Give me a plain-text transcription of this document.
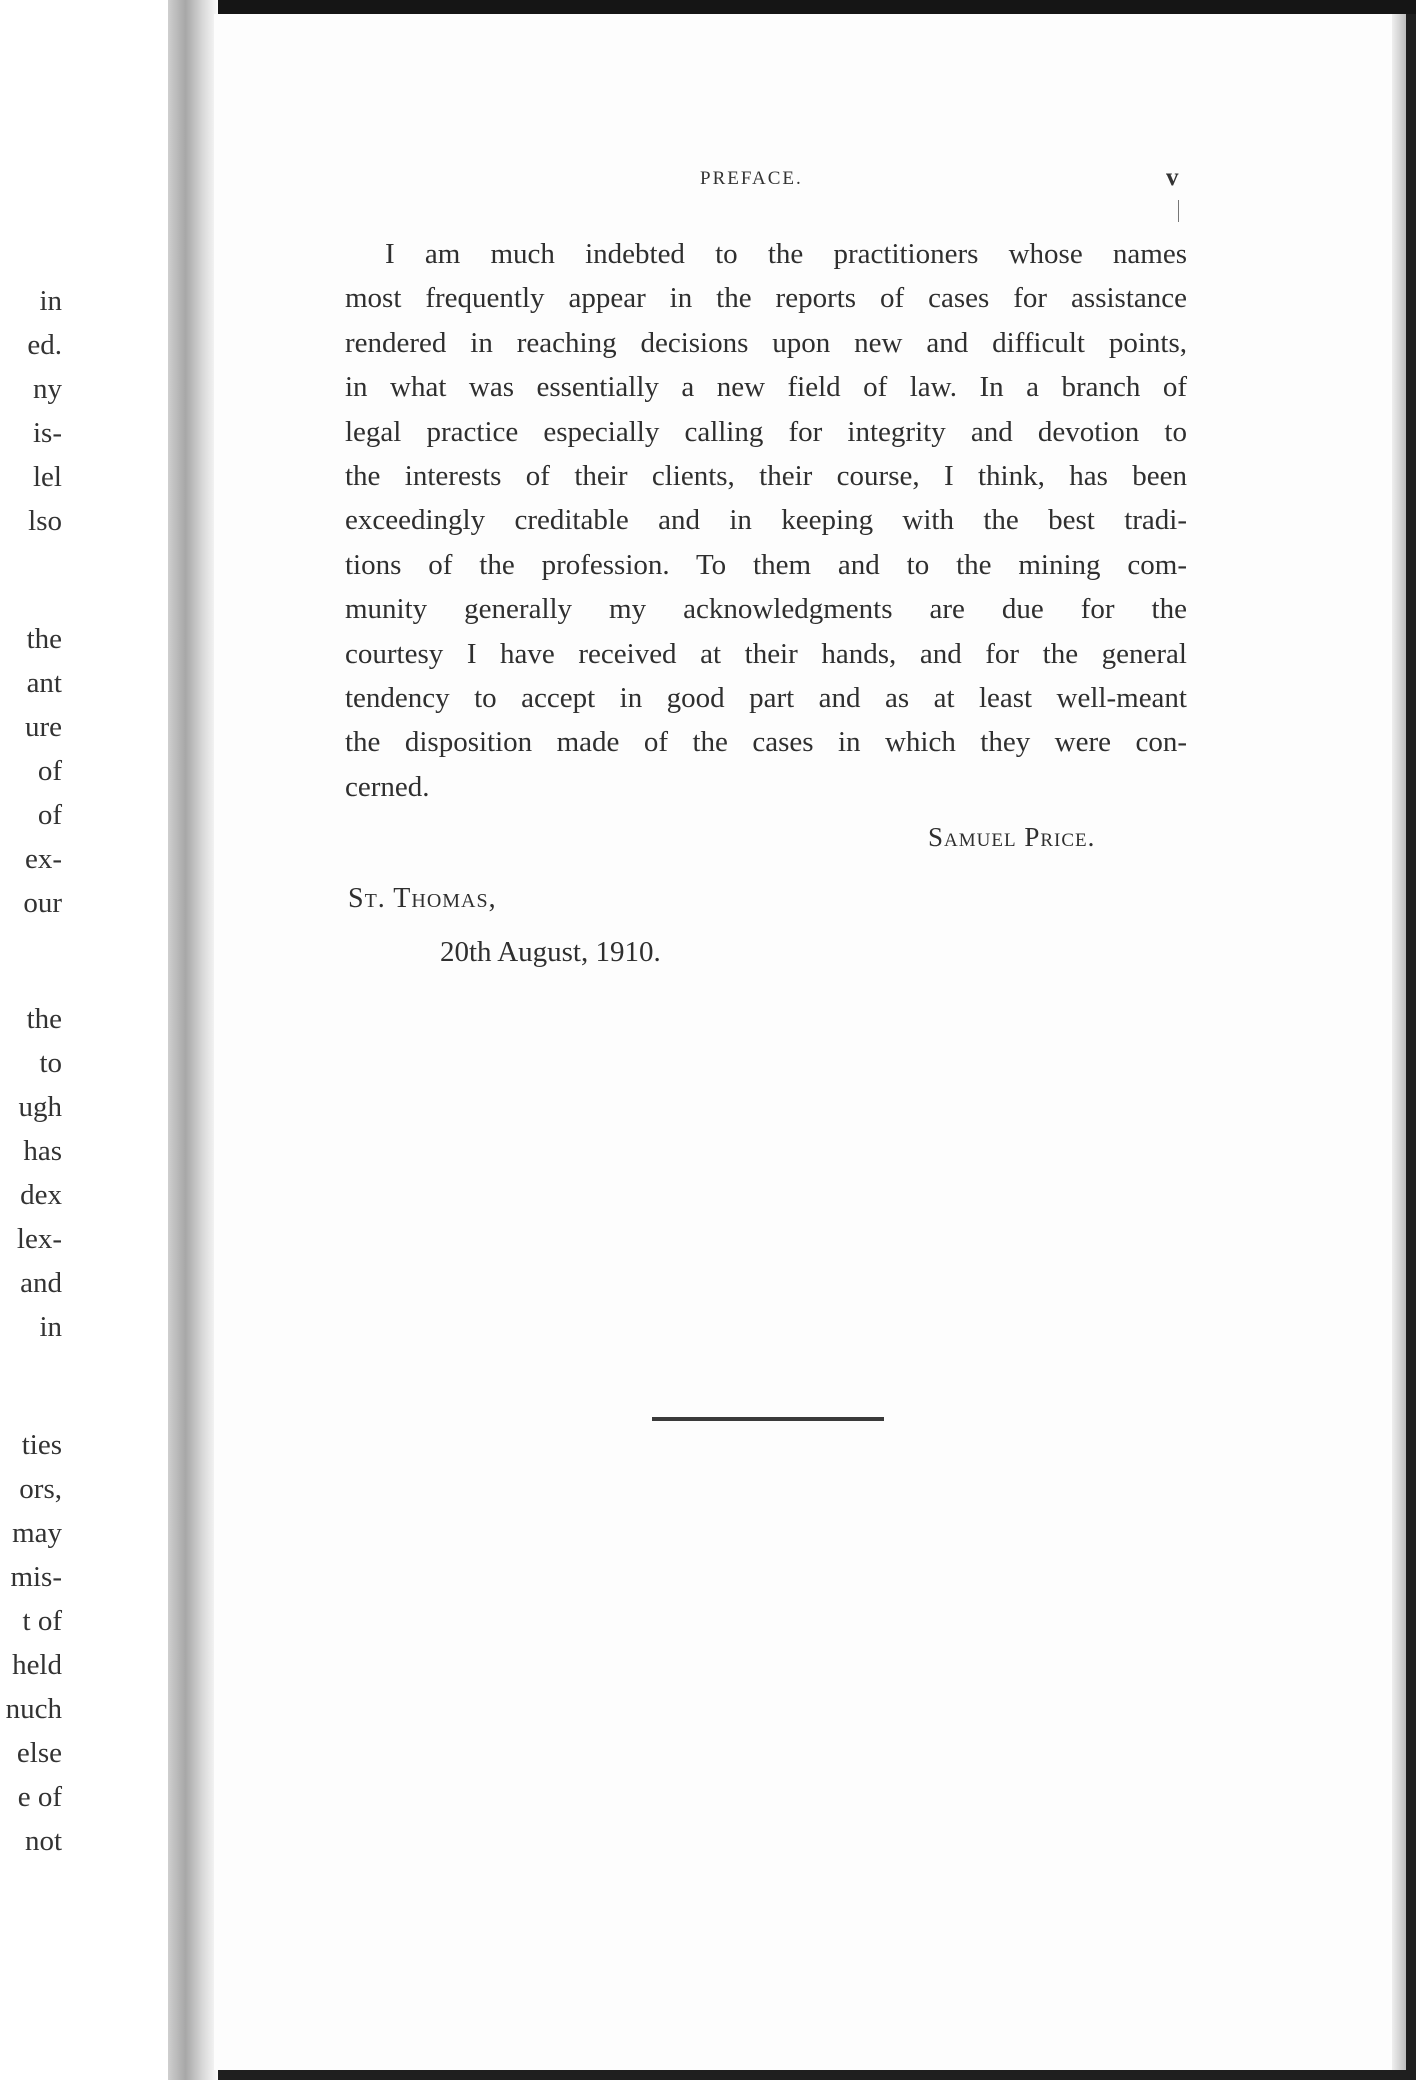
in
ed.
ny
is-
lel
lso
the
ant
ure
of
of
ex-
our
the
to
ugh
has
dex
lex-
and
in
ties
ors,
may
mis-
t of
held
nuch
else
e of
not
PREFACE.	v
I am much indebted to the practitioners whose names
most frequently appear in the reports of cases for assistance
rendered in reaching decisions upon new and difficult points,
in what was essentially a new field of law. In a branch of
legal practice especially calling for integrity and devotion to
the interests of their clients, their course, I think, has been
exceedingly creditable and in keeping with the best tradi-
tions of the profession. To them and to the mining com-
munity generally my acknowledgments are due for the
courtesy I have received at their hands, and for the general
tendency to accept in good part and as at least well-meant
the disposition made of the cases in which they were con-
cerned.
Samuel Price.
St. Thomas,
20th August, 1910.
